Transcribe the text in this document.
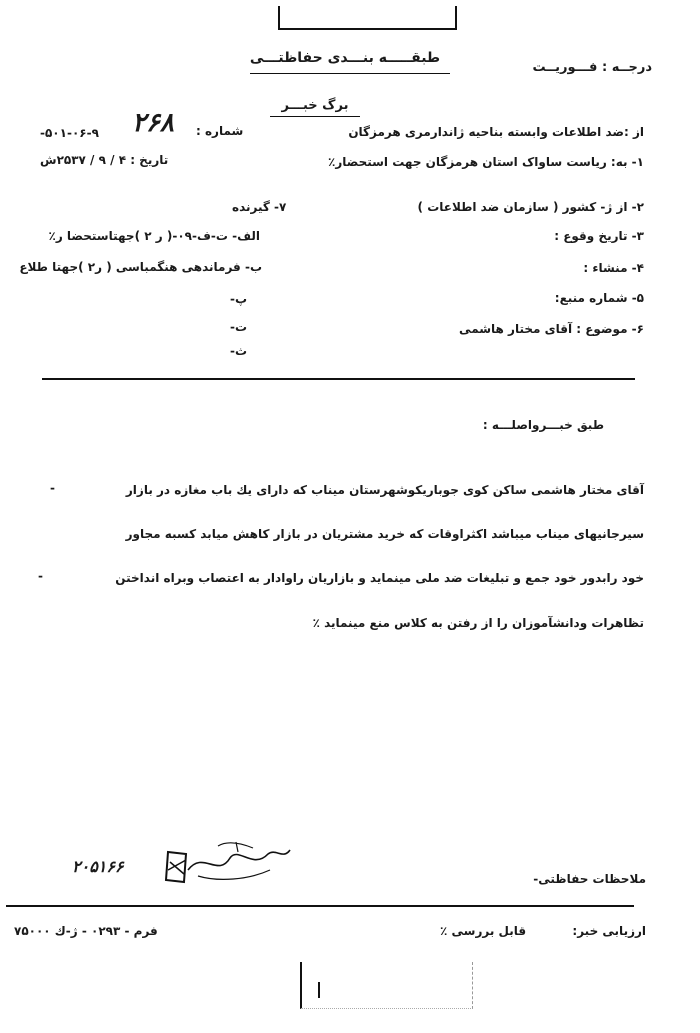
طبقـــــه بنـــدی حفاظتـــی
درجــه : فـــوریــت
برگ خبـــر
از :ضد اطلاعات وابسته بناحیه ژاندارمری هرمزگان
شماره :
۲۶۸
۵۰۱-۰۶-۹-
۱- به: ریاست ساواک استان هرمزگان جهت استحضار٪
تاریخ : ۴ / ۹ / ۲۵۳۷ش
۲- از ژ- کشور ( سازمان ضد اطلاعات )
۳- تاریخ وقوع :
۴- منشاء :
۵- شماره منبع:
۶- موضوع : آقای مختار هاشمی
۷- گیرنده
الف- ت-ف-۰۹-( ر ۲ )جهتاستحضا ر٪
ب- فرماندهی هنگمباسی ( ر۲ )جهتا طلاع
پ-
ت-
ث-
طبق خبـــرواصلـــه :
آقای مختار هاشمی ساکن کوی جوباریکوشهرستان میناب که دارای یك باب مغازه در بازار
-
سیرجانیهای میناب میباشد اکثراوقات که خرید مشتریان در بازار کاهش میابد کسبه مجاور
خود رابدور خود جمع و تبلیغات ضد ملی مینماید و بازاریان راوادار به اعتصاب وبراه انداختن
-
تظاهرات ودانشآموزان را از رفتن به کلاس منع مینماید ٪
۲۰۵۱۶۶
ملاحظات حفاظتی-
ارزیابی خبر:
قابل بررسی ٪
فرم - ۰۲۹۳ - ژ-ك ۷۵۰۰۰
